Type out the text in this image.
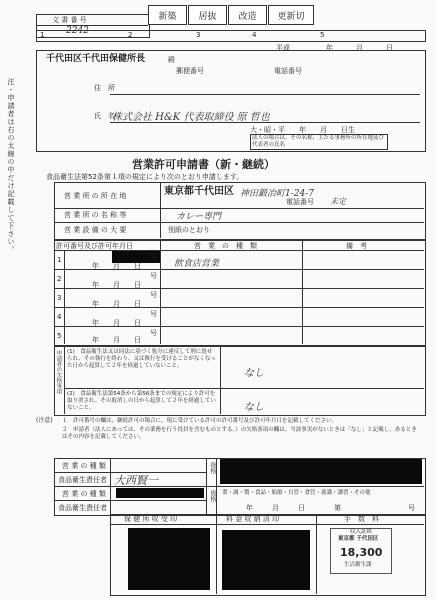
文 書 番 号
2242
新築	居抜	改造	更新切
1	2	3	4	5
平成	年	月	日
千代田区千代田保健所長	殿
郵便番号	電話番号
注・申請者は右の太線の中だけ記載して下さい。	住　所
氏　名
株式会社 H&K 代表取締役 原 哲也
大・昭・平　　年　　月　　日生
法人の場合は、その名称、主たる事務所の所在地及び代表者の氏名
営業許可申請書（新・継続）
食品衛生法第52条第１項の規定により次のとおり申請します。
営 業 所 の 所 在 地	東京都千代田区 神田鍛冶町1-24-7
電話番号 未定
営 業 所 の 名 称 等	カレー専門
営 業 設 備 の 大 要	別紙のとおり
許可番号及び許可年月日	営　業　の　種　類	備　考
1	号
年　　月　　日	飲食店営業
2	号
年　　月　　日
3	号
年　　月　　日
4	号
年　　月　　日
5	号
年　　月　　日
申請者の欠格事項 (1)　食品衛生法又は同法に基づく処分に違反して刑に処せられ、その執行を終わり、又は執行を受けることがなくなった日から起算して２年を経過していないこと。
なし
(2)　食品衛生法第54条から第56条までの規定により許可を取り消され、その取消しの日から起算して２年を経過していないこと。	なし
(注意) １　許可番号の欄は、継続許可の場合に、現に受けている許可の許可番号及び許可年月日を記載してください。
２　申請者（法人にあっては、その業務を行う役員を含むものとする。）の欠格条項の欄は、当該事実がないときは「なし」と記載し、あるときはその内容を記載してください。
営 業 の 種 類
食品衛生責任者 大西賢一
営 業 の 種 類
食品衛生責任者
資格
資格 衆・調・製・食品・船舶・自管・食管・養講・講習・その他
年	月	日	第	号
保 健 所 収 受 印	料 金 収 納 済 印	手　数　料
収入証紙
東京都 千代田区
18,300
生活衛生課
